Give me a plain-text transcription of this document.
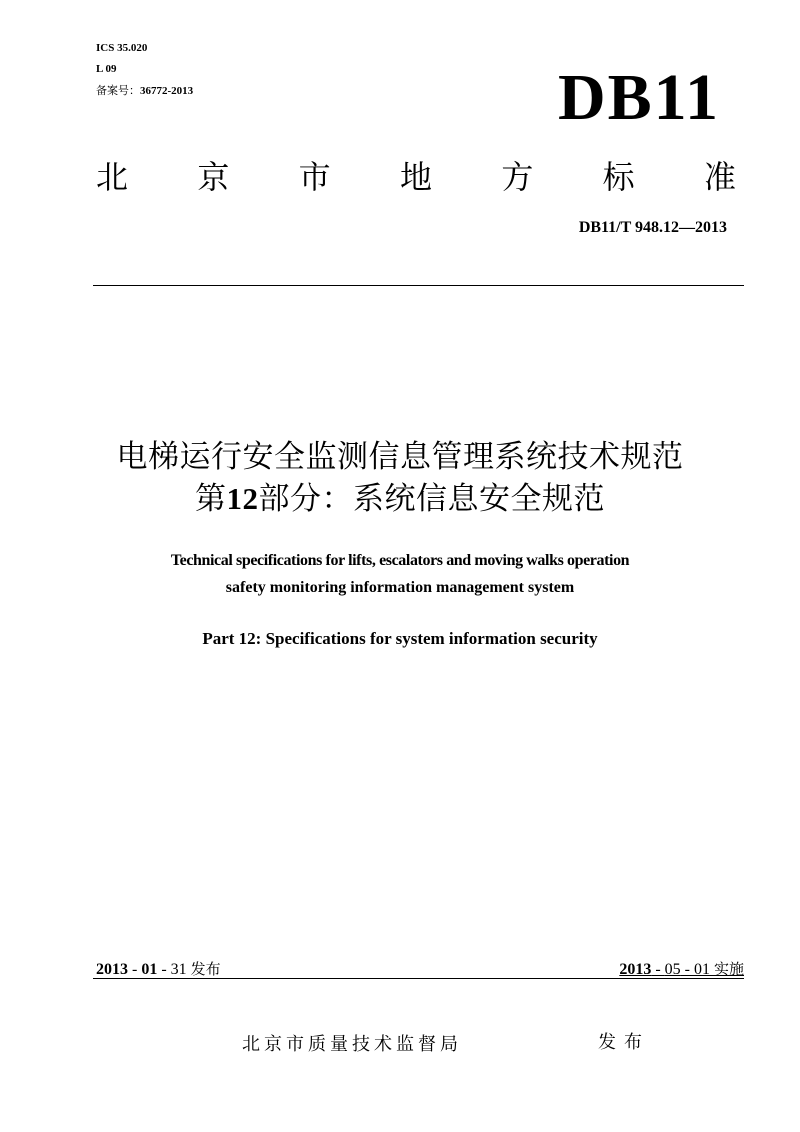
ICS 35.020
L 09
备案号：36772-2013	DB11
北 京 市 地 方 标 准
DB11/T 948.12—2013
电梯运行安全监测信息管理系统技术规范
第12部分：系统信息安全规范
Technical specifications for lifts, escalators and moving walks operation
safety monitoring information management system
Part 12: Specifications for system information security
2013 - 01 - 31 发布	2013 - 05 - 01 实施
北京市质量技术监督局	发布
